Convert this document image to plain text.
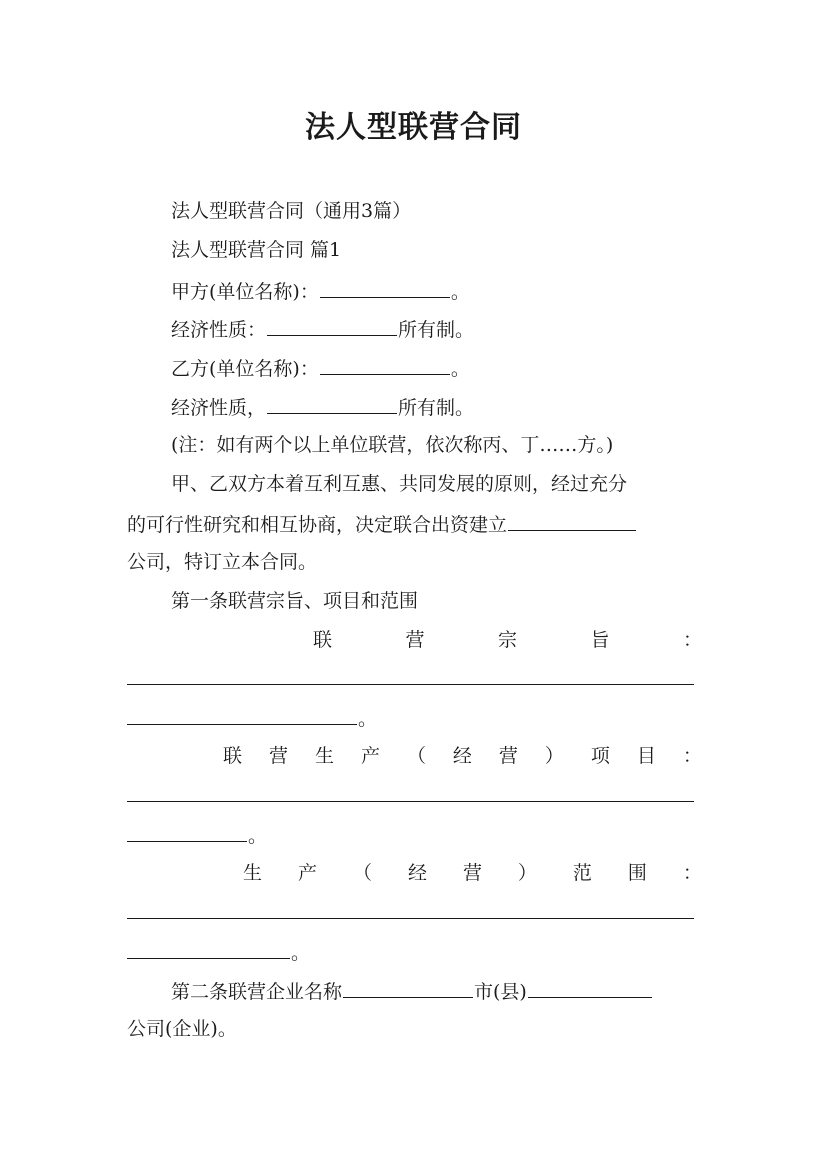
法人型联营合同
法人型联营合同（通用3篇）
法人型联营合同 篇1
甲方(单位名称)：	。
经济性质：	所有制。
乙方(单位名称)：	。
经济性质，	所有制。
(注：如有两个以上单位联营，依次称丙、丁……方。)
甲、乙双方本着互利互惠、共同发展的原则，经过充分
的可行性研究和相互协商，决定联合出资建立
公司，特订立本合同。
第一条联营宗旨、项目和范围
联	营	宗	旨	：
。
联 营 生 产 （ 经 营 ） 项 目 ：
。
生 产 （ 经 营 ） 范 围 ：
。
第二条联营企业名称	市(县)
公司(企业)。
